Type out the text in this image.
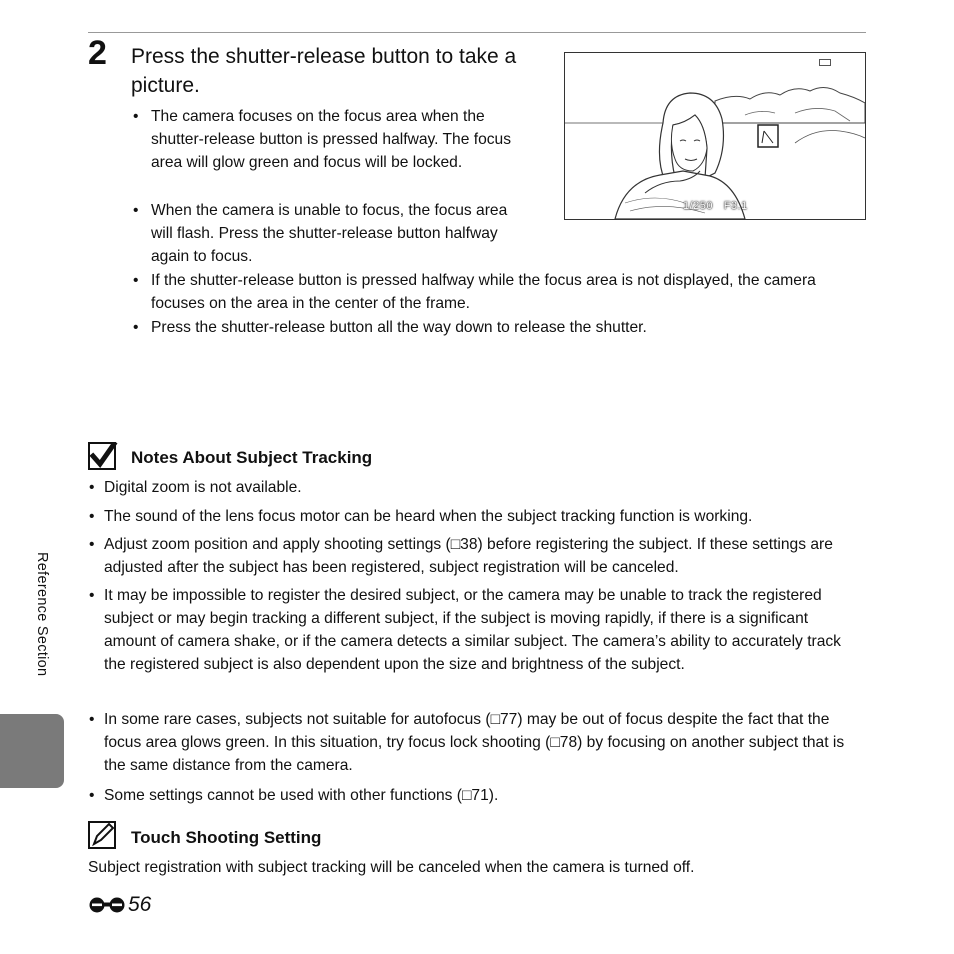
2 Press the shutter-release button to take a picture.
• The camera focuses on the focus area when the shutter-release button is pressed halfway. The focus area will glow green and focus will be locked.
• When the camera is unable to focus, the focus area will flash. Press the shutter-release button halfway again to focus.
• If the shutter-release button is pressed halfway while the focus area is not displayed, the camera focuses on the area in the center of the frame.
• Press the shutter-release button all the way down to release the shutter.
1/250 F3.1
Notes About Subject Tracking
• Digital zoom is not available.
• The sound of the lens focus motor can be heard when the subject tracking function is working.
• Adjust zoom position and apply shooting settings (□38) before registering the subject. If these settings are adjusted after the subject has been registered, subject registration will be canceled.
• It may be impossible to register the desired subject, or the camera may be unable to track the registered subject or may begin tracking a different subject, if the subject is moving rapidly, if there is a significant amount of camera shake, or if the camera detects a similar subject. The camera’s ability to accurately track the registered subject is also dependent upon the size and brightness of the subject.
• In some rare cases, subjects not suitable for autofocus (□77) may be out of focus despite the fact that the focus area glows green. In this situation, try focus lock shooting (□78) by focusing on another subject that is the same distance from the camera.
• Some settings cannot be used with other functions (□71).
Touch Shooting Setting
Subject registration with subject tracking will be canceled when the camera is turned off.
Reference Section
56
